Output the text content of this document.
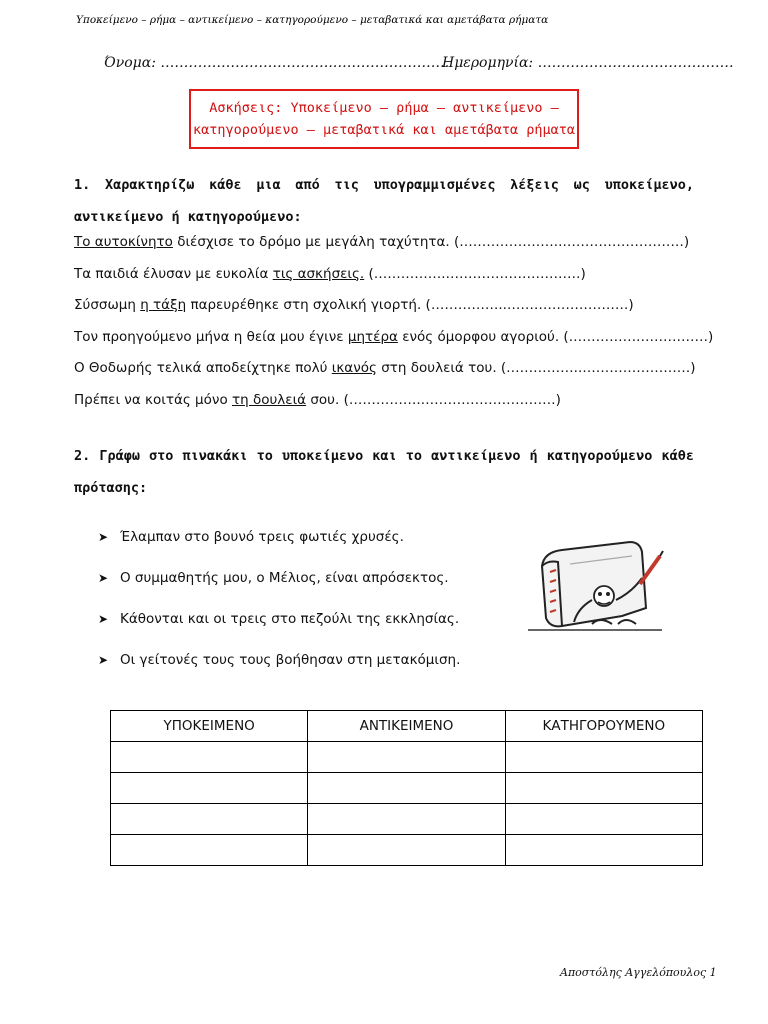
Υποκείμενο – ρήμα – αντικείμενο – κατηγορούμενο – μεταβατικά και αμετάβατα ρήματα
Όνομα: ……………………………….…………………….
Ημερομηνία: ……………………………………
Ασκήσεις: Υποκείμενο – ρήμα – αντικείμενο –
κατηγορούμενο – μεταβατικά και αμετάβατα ρήματα
1. Χαρακτηρίζω κάθε μια από τις υπογραμμισμένες λέξεις ως υποκείμενο,
αντικείμενο ή κατηγορούμενο:
Το αυτοκίνητο διέσχισε το δρόμο με μεγάλη ταχύτητα. (…………………..………………………)
Τα παιδιά έλυσαν με ευκολία τις ασκήσεις. (…………….…………………………)
Σύσσωμη η τάξη παρευρέθηκε στη σχολική γιορτή. (……………..………………………)
Τον προηγούμενο μήνα η θεία μου έγινε μητέρα ενός όμορφου αγοριού. (…………….……………)
Ο Θοδωρής τελικά αποδείχτηκε πολύ ικανός στη δουλειά του. (……………..……………………)
Πρέπει να κοιτάς μόνο τη δουλειά σου. (…………….…………………………)
2. Γράφω στο πινακάκι το υποκείμενο και το αντικείμενο ή κατηγορούμενο κάθε
πρότασης:
➤ Έλαμπαν στο βουνό τρεις φωτιές χρυσές.
➤ Ο συμμαθητής μου, ο Μέλιος, είναι απρόσεκτος.
➤ Κάθονται και οι τρεις στο πεζούλι της εκκλησίας.
➤ Οι γείτονές τους τους βοήθησαν στη μετακόμιση.
ΥΠΟΚΕΙΜΕΝΟ	ΑΝΤΙΚΕΙΜΕΝΟ	ΚΑΤΗΓΟΡΟΥΜΕΝΟ

Αποστόλης Αγγελόπουλος 1
